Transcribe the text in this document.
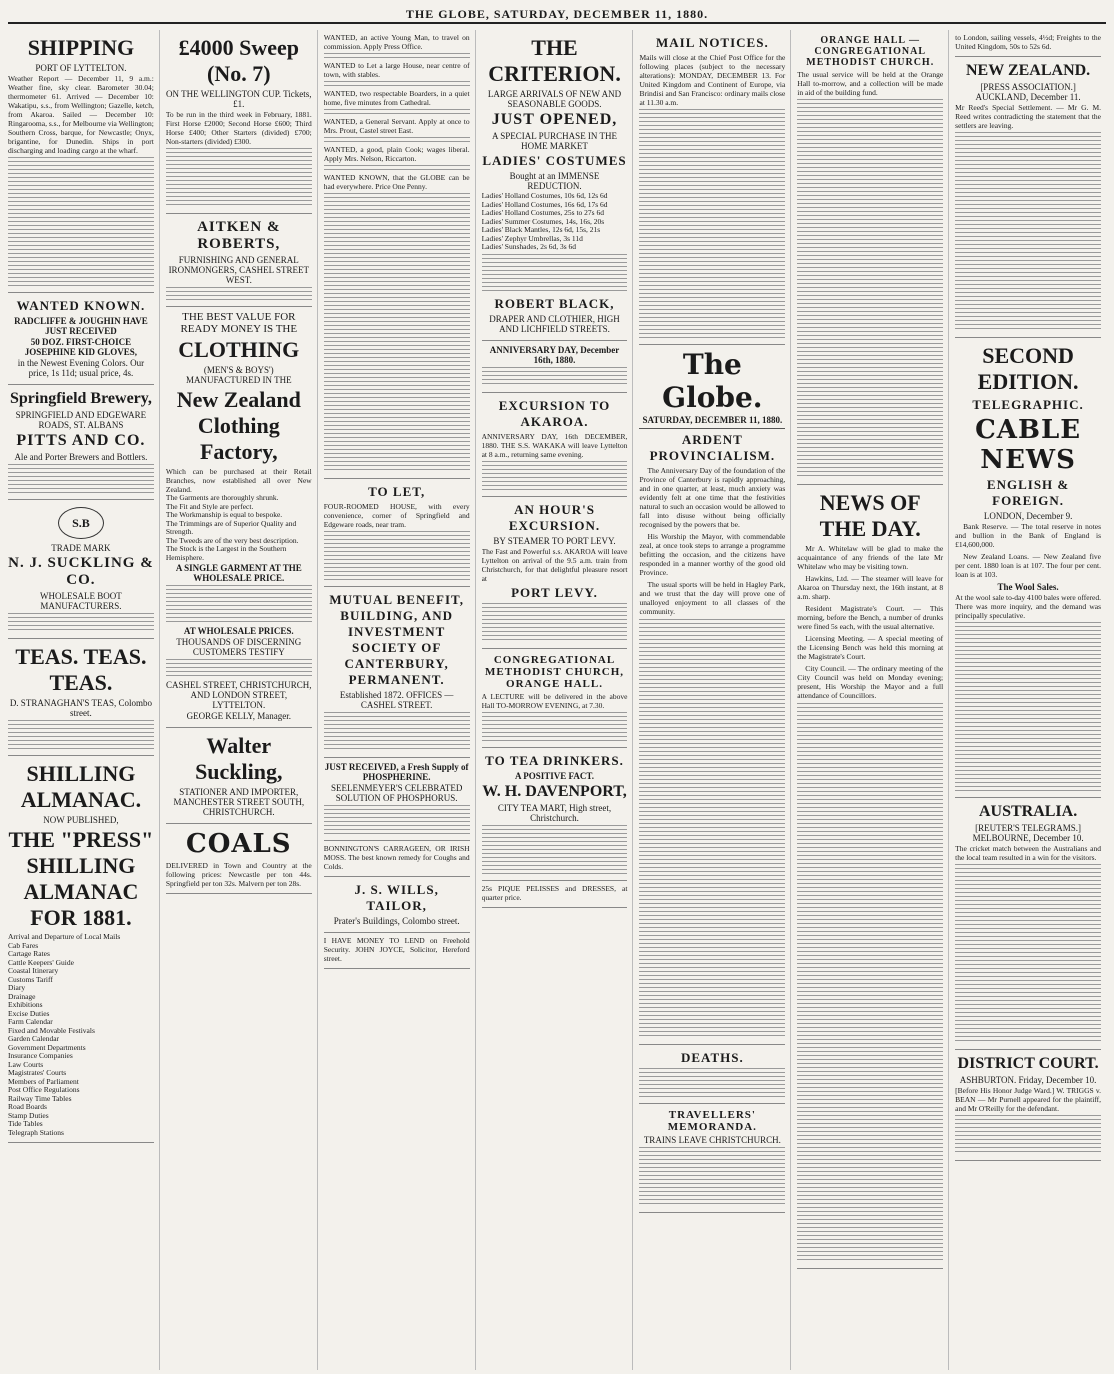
THE GLOBE, SATURDAY, DECEMBER 11, 1880.
SHIPPING
PORT OF LYTTELTON.
Weather Report — December 11, 9 a.m.: Weather fine, sky clear. Barometer 30.04; thermometer 61. Arrived — December 10: Wakatipu, s.s., from Wellington; Gazelle, ketch, from Akaroa. Sailed — December 10: Ringarooma, s.s., for Melbourne via Wellington; Southern Cross, barque, for Newcastle; Onyx, brigantine, for Dunedin. Ships in port discharging and loading cargo at the wharf.
WANTED KNOWN.
RADCLIFFE & JOUGHIN HAVE JUST RECEIVED
50 DOZ. FIRST-CHOICE JOSEPHINE KID GLOVES,
in the Newest Evening Colors. Our price, 1s 11d; usual price, 4s.
Springfield Brewery,
SPRINGFIELD AND EDGEWARE ROADS, ST. ALBANS
PITTS AND CO.
Ale and Porter Brewers and Bottlers.
S.B
TRADE MARK
N. J. SUCKLING & CO.
WHOLESALE BOOT MANUFACTURERS.
TEAS. TEAS. TEAS.
D. STRANAGHAN'S TEAS, Colombo street.
SHILLING ALMANAC.
NOW PUBLISHED,
THE "PRESS" SHILLING ALMANAC FOR 1881.
Arrival and Departure of Local Mails
Cab Fares
Cartage Rates
Cattle Keepers' Guide
Coastal Itinerary
Customs Tariff
Diary
Drainage
Exhibitions
Excise Duties
Farm Calendar
Fixed and Movable Festivals
Garden Calendar
Government Departments
Insurance Companies
Law Courts
Magistrates' Courts
Members of Parliament
Post Office Regulations
Railway Time Tables
Road Boards
Stamp Duties
Tide Tables
Telegraph Stations
£4000 Sweep (No. 7)
ON THE WELLINGTON CUP. Tickets, £1.
To be run in the third week in February, 1881. First Horse £2000; Second Horse £600; Third Horse £400; Other Starters (divided) £700; Non-starters (divided) £300.
AITKEN & ROBERTS,
FURNISHING AND GENERAL IRONMONGERS, CASHEL STREET WEST.
THE BEST VALUE FOR READY MONEY IS THE
CLOTHING
(MEN'S & BOYS') MANUFACTURED IN THE
New Zealand Clothing Factory,
Which can be purchased at their Retail Branches, now established all over New Zealand.
The Garments are thoroughly shrunk.
The Fit and Style are perfect.
The Workmanship is equal to bespoke.
The Trimmings are of Superior Quality and Strength.
The Tweeds are of the very best description.
The Stock is the Largest in the Southern Hemisphere.
A SINGLE GARMENT AT THE WHOLESALE PRICE.
AT WHOLESALE PRICES.
THOUSANDS OF DISCERNING CUSTOMERS TESTIFY
CASHEL STREET, CHRISTCHURCH, AND LONDON STREET, LYTTELTON.
GEORGE KELLY, Manager.
Walter Suckling,
STATIONER AND IMPORTER, MANCHESTER STREET SOUTH, CHRISTCHURCH.
COALS
DELIVERED in Town and Country at the following prices: Newcastle per ton 44s. Springfield per ton 32s. Malvern per ton 28s.
WANTED, an active Young Man, to travel on commission. Apply Press Office.
WANTED to Let a large House, near centre of town, with stables.
WANTED, two respectable Boarders, in a quiet home, five minutes from Cathedral.
WANTED, a General Servant. Apply at once to Mrs. Prout, Castel street East.
WANTED, a good, plain Cook; wages liberal. Apply Mrs. Nelson, Riccarton.
WANTED KNOWN, that the GLOBE can be had everywhere. Price One Penny.
TO LET,
FOUR-ROOMED HOUSE, with every convenience, corner of Springfield and Edgeware roads, near tram.
MUTUAL BENEFIT, BUILDING, AND INVESTMENT SOCIETY OF CANTERBURY, PERMANENT.
Established 1872. OFFICES — CASHEL STREET.
JUST RECEIVED, a Fresh Supply of PHOSPHERINE.
SEELENMEYER'S CELEBRATED SOLUTION OF PHOSPHORUS.
BONNINGTON'S CARRAGEEN, OR IRISH MOSS. The best known remedy for Coughs and Colds.
J. S. WILLS, TAILOR,
Prater's Buildings, Colombo street.
I HAVE MONEY TO LEND on Freehold Security. JOHN JOYCE, Solicitor, Hereford street.
THE CRITERION.
LARGE ARRIVALS OF NEW AND SEASONABLE GOODS.
JUST OPENED,
A SPECIAL PURCHASE IN THE HOME MARKET
LADIES' COSTUMES
Bought at an IMMENSE REDUCTION.
Ladies' Holland Costumes, 10s 6d, 12s 6d
Ladies' Holland Costumes, 16s 6d, 17s 6d
Ladies' Holland Costumes, 25s to 27s 6d
Ladies' Summer Costumes, 14s, 16s, 20s
Ladies' Black Mantles, 12s 6d, 15s, 21s
Ladies' Zephyr Umbrellas, 3s 11d
Ladies' Sunshades, 2s 6d, 3s 6d
ROBERT BLACK,
DRAPER AND CLOTHIER, HIGH AND LICHFIELD STREETS.
ANNIVERSARY DAY, December 16th, 1880.
EXCURSION TO AKAROA.
ANNIVERSARY DAY, 16th DECEMBER, 1880. THE S.S. WAKAKA will leave Lyttelton at 8 a.m., returning same evening.
AN HOUR'S EXCURSION.
BY STEAMER TO PORT LEVY.
The Fast and Powerful s.s. AKAROA will leave Lyttelton on arrival of the 9.5 a.m. train from Christchurch, for that delightful pleasure resort at
PORT LEVY.
CONGREGATIONAL METHODIST CHURCH, ORANGE HALL.
A LECTURE will be delivered in the above Hall TO-MORROW EVENING, at 7.30.
TO TEA DRINKERS.
A POSITIVE FACT.
W. H. DAVENPORT,
CITY TEA MART, High street, Christchurch.
25s PIQUE PELISSES and DRESSES, at quarter price.
MAIL NOTICES.
Mails will close at the Chief Post Office for the following places (subject to the necessary alterations): MONDAY, DECEMBER 13. For United Kingdom and Continent of Europe, via Brindisi and San Francisco: ordinary mails close at 11.30 a.m.
The Globe.
SATURDAY, DECEMBER 11, 1880.
ARDENT PROVINCIALISM.

The Anniversary Day of the foundation of the Province of Canterbury is rapidly approaching, and in one quarter, at least, much anxiety was evidently felt at one time that the festivities natural to such an occasion would be allowed to fall into disuse without being officially recognised by the powers that be.

His Worship the Mayor, with commendable zeal, at once took steps to arrange a programme befitting the occasion, and the citizens have responded in a manner worthy of the good old Province.

The usual sports will be held in Hagley Park, and we trust that the day will prove one of unalloyed enjoyment to all classes of the community.

DEATHS.
TRAVELLERS' MEMORANDA.
TRAINS LEAVE CHRISTCHURCH.
ORANGE HALL — CONGREGATIONAL METHODIST CHURCH.
The usual service will be held at the Orange Hall to-morrow, and a collection will be made in aid of the building fund.
NEWS OF THE DAY.

Mr A. Whitelaw will be glad to make the acquaintance of any friends of the late Mr Whitelaw who may be visiting town.

Hawkins, Ltd. — The steamer will leave for Akaroa on Thursday next, the 16th instant, at 8 a.m. sharp.

Resident Magistrate's Court. — This morning, before the Bench, a number of drunks were fined 5s each, with the usual alternative.

Licensing Meeting. — A special meeting of the Licensing Bench was held this morning at the Magistrate's Court.

City Council. — The ordinary meeting of the City Council was held on Monday evening; present, His Worship the Mayor and a full attendance of Councillors.

to London, sailing vessels, 4½d; Freights to the United Kingdom, 50s to 52s 6d.
NEW ZEALAND.
[PRESS ASSOCIATION.] AUCKLAND, December 11.
Mr Reed's Special Settlement. — Mr G. M. Reed writes contradicting the statement that the settlers are leaving.
SECOND EDITION.
TELEGRAPHIC.
CABLE NEWS
ENGLISH & FOREIGN.
LONDON, December 9.

Bank Reserve. — The total reserve in notes and bullion in the Bank of England is £14,600,000.

New Zealand Loans. — New Zealand five per cent. 1880 loan is at 107. The four per cent. loan is at 103.

The Wool Sales.
At the wool sale to-day 4100 bales were offered. There was more inquiry, and the demand was principally speculative.
AUSTRALIA.
[REUTER'S TELEGRAMS.] MELBOURNE, December 10.
The cricket match between the Australians and the local team resulted in a win for the visitors.
DISTRICT COURT.
ASHBURTON. Friday, December 10.
[Before His Honor Judge Ward.] W. TRIGGS v. BEAN — Mr Purnell appeared for the plaintiff, and Mr O'Reilly for the defendant.
